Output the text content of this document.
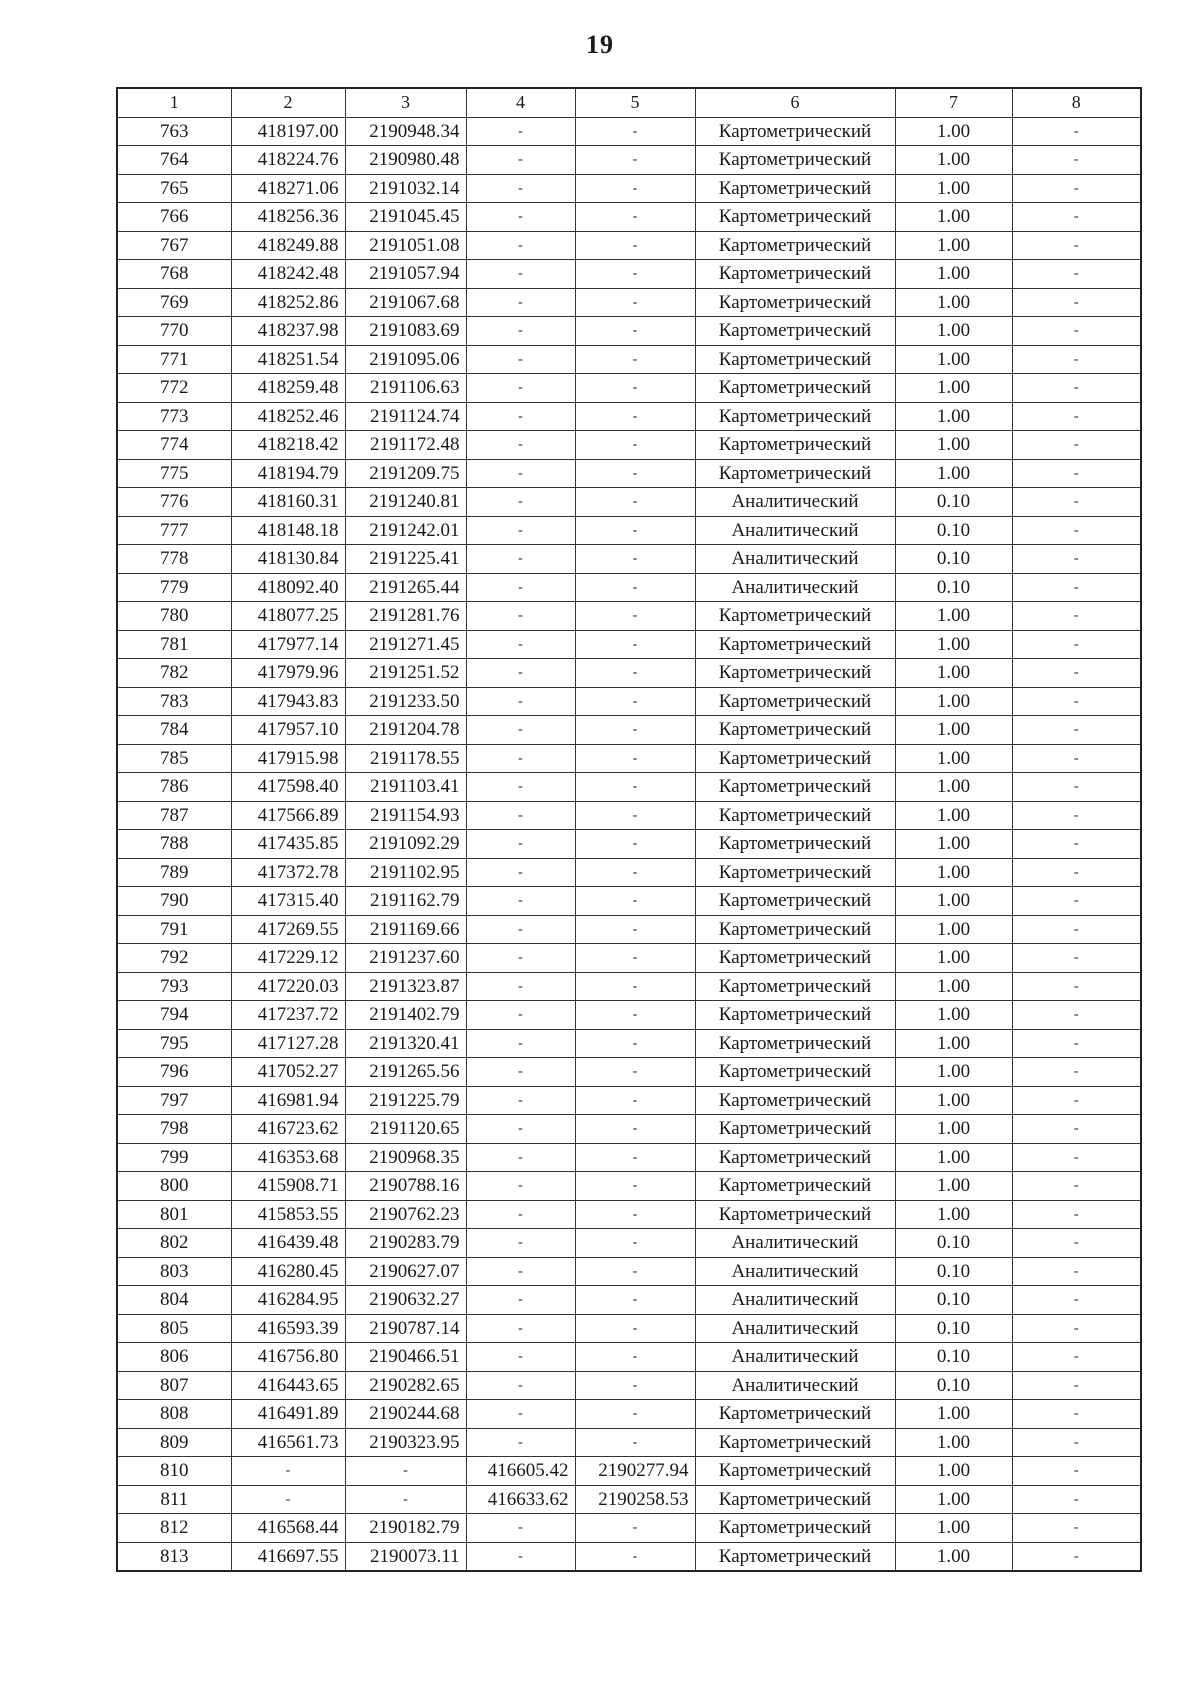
19
1	2	3	4	5	6	7	8
763	418197.00	2190948.34	-	-	Картометрический	1.00	-
764	418224.76	2190980.48	-	-	Картометрический	1.00	-
765	418271.06	2191032.14	-	-	Картометрический	1.00	-
766	418256.36	2191045.45	-	-	Картометрический	1.00	-
767	418249.88	2191051.08	-	-	Картометрический	1.00	-
768	418242.48	2191057.94	-	-	Картометрический	1.00	-
769	418252.86	2191067.68	-	-	Картометрический	1.00	-
770	418237.98	2191083.69	-	-	Картометрический	1.00	-
771	418251.54	2191095.06	-	-	Картометрический	1.00	-
772	418259.48	2191106.63	-	-	Картометрический	1.00	-
773	418252.46	2191124.74	-	-	Картометрический	1.00	-
774	418218.42	2191172.48	-	-	Картометрический	1.00	-
775	418194.79	2191209.75	-	-	Картометрический	1.00	-
776	418160.31	2191240.81	-	-	Аналитический	0.10	-
777	418148.18	2191242.01	-	-	Аналитический	0.10	-
778	418130.84	2191225.41	-	-	Аналитический	0.10	-
779	418092.40	2191265.44	-	-	Аналитический	0.10	-
780	418077.25	2191281.76	-	-	Картометрический	1.00	-
781	417977.14	2191271.45	-	-	Картометрический	1.00	-
782	417979.96	2191251.52	-	-	Картометрический	1.00	-
783	417943.83	2191233.50	-	-	Картометрический	1.00	-
784	417957.10	2191204.78	-	-	Картометрический	1.00	-
785	417915.98	2191178.55	-	-	Картометрический	1.00	-
786	417598.40	2191103.41	-	-	Картометрический	1.00	-
787	417566.89	2191154.93	-	-	Картометрический	1.00	-
788	417435.85	2191092.29	-	-	Картометрический	1.00	-
789	417372.78	2191102.95	-	-	Картометрический	1.00	-
790	417315.40	2191162.79	-	-	Картометрический	1.00	-
791	417269.55	2191169.66	-	-	Картометрический	1.00	-
792	417229.12	2191237.60	-	-	Картометрический	1.00	-
793	417220.03	2191323.87	-	-	Картометрический	1.00	-
794	417237.72	2191402.79	-	-	Картометрический	1.00	-
795	417127.28	2191320.41	-	-	Картометрический	1.00	-
796	417052.27	2191265.56	-	-	Картометрический	1.00	-
797	416981.94	2191225.79	-	-	Картометрический	1.00	-
798	416723.62	2191120.65	-	-	Картометрический	1.00	-
799	416353.68	2190968.35	-	-	Картометрический	1.00	-
800	415908.71	2190788.16	-	-	Картометрический	1.00	-
801	415853.55	2190762.23	-	-	Картометрический	1.00	-
802	416439.48	2190283.79	-	-	Аналитический	0.10	-
803	416280.45	2190627.07	-	-	Аналитический	0.10	-
804	416284.95	2190632.27	-	-	Аналитический	0.10	-
805	416593.39	2190787.14	-	-	Аналитический	0.10	-
806	416756.80	2190466.51	-	-	Аналитический	0.10	-
807	416443.65	2190282.65	-	-	Аналитический	0.10	-
808	416491.89	2190244.68	-	-	Картометрический	1.00	-
809	416561.73	2190323.95	-	-	Картометрический	1.00	-
810	-	-	416605.42	2190277.94	Картометрический	1.00	-
811	-	-	416633.62	2190258.53	Картометрический	1.00	-
812	416568.44	2190182.79	-	-	Картометрический	1.00	-
813	416697.55	2190073.11	-	-	Картометрический	1.00	-
